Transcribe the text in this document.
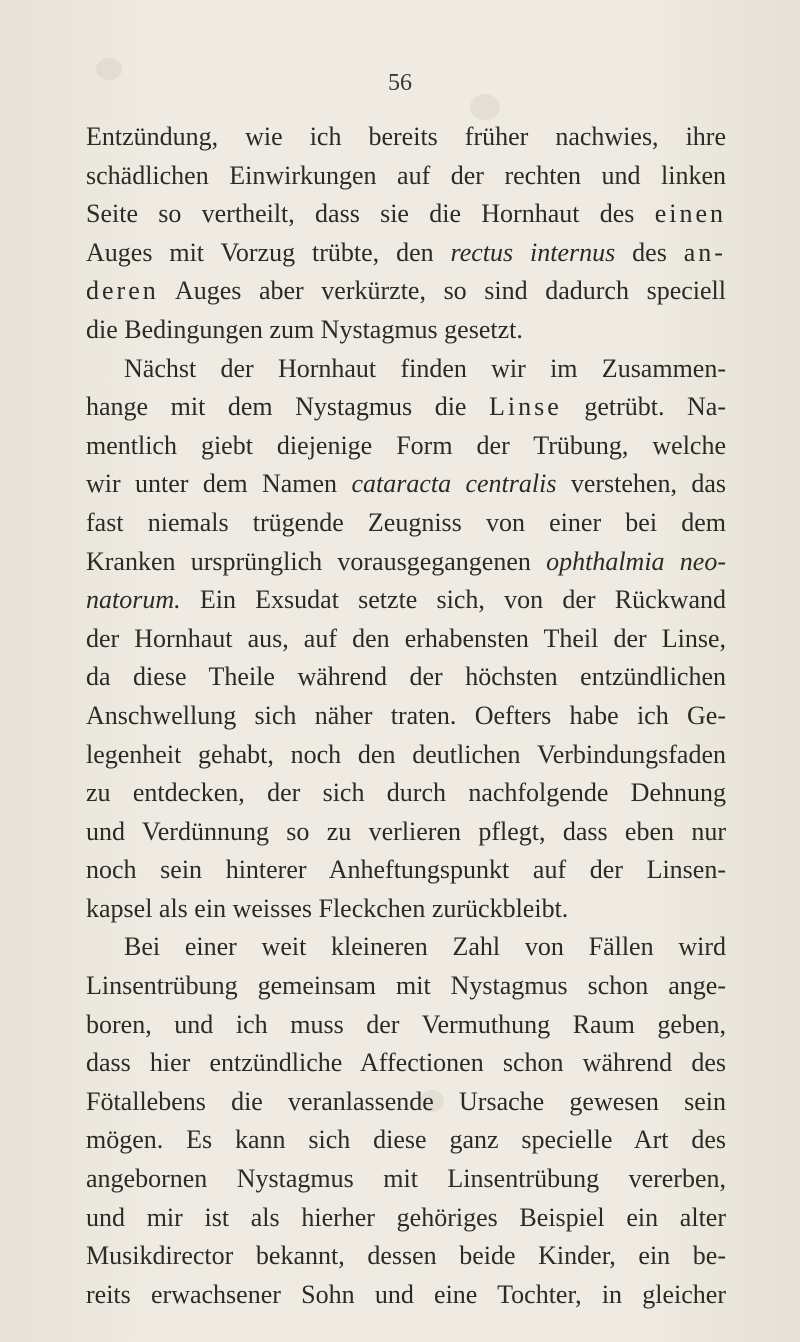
56
Entzündung, wie ich bereits früher nachwies, ihre
schädlichen Einwirkungen auf der rechten und linken
Seite so vertheilt, dass sie die Hornhaut des einen
Auges mit Vorzug trübte, den rectus internus des an-
deren Auges aber verkürzte, so sind dadurch speciell
die Bedingungen zum Nystagmus gesetzt.
Nächst der Hornhaut finden wir im Zusammen-
hange mit dem Nystagmus die Linse getrübt. Na-
mentlich giebt diejenige Form der Trübung, welche
wir unter dem Namen cataracta centralis verstehen, das
fast niemals trügende Zeugniss von einer bei dem
Kranken ursprünglich vorausgegangenen ophthalmia neo-
natorum. Ein Exsudat setzte sich, von der Rückwand
der Hornhaut aus, auf den erhabensten Theil der Linse,
da diese Theile während der höchsten entzündlichen
Anschwellung sich näher traten. Oefters habe ich Ge-
legenheit gehabt, noch den deutlichen Verbindungsfaden
zu entdecken, der sich durch nachfolgende Dehnung
und Verdünnung so zu verlieren pflegt, dass eben nur
noch sein hinterer Anheftungspunkt auf der Linsen-
kapsel als ein weisses Fleckchen zurückbleibt.
Bei einer weit kleineren Zahl von Fällen wird
Linsentrübung gemeinsam mit Nystagmus schon ange-
boren, und ich muss der Vermuthung Raum geben,
dass hier entzündliche Affectionen schon während des
Fötallebens die veranlassende Ursache gewesen sein
mögen. Es kann sich diese ganz specielle Art des
angebornen Nystagmus mit Linsentrübung vererben,
und mir ist als hierher gehöriges Beispiel ein alter
Musikdirector bekannt, dessen beide Kinder, ein be-
reits erwachsener Sohn und eine Tochter, in gleicher
